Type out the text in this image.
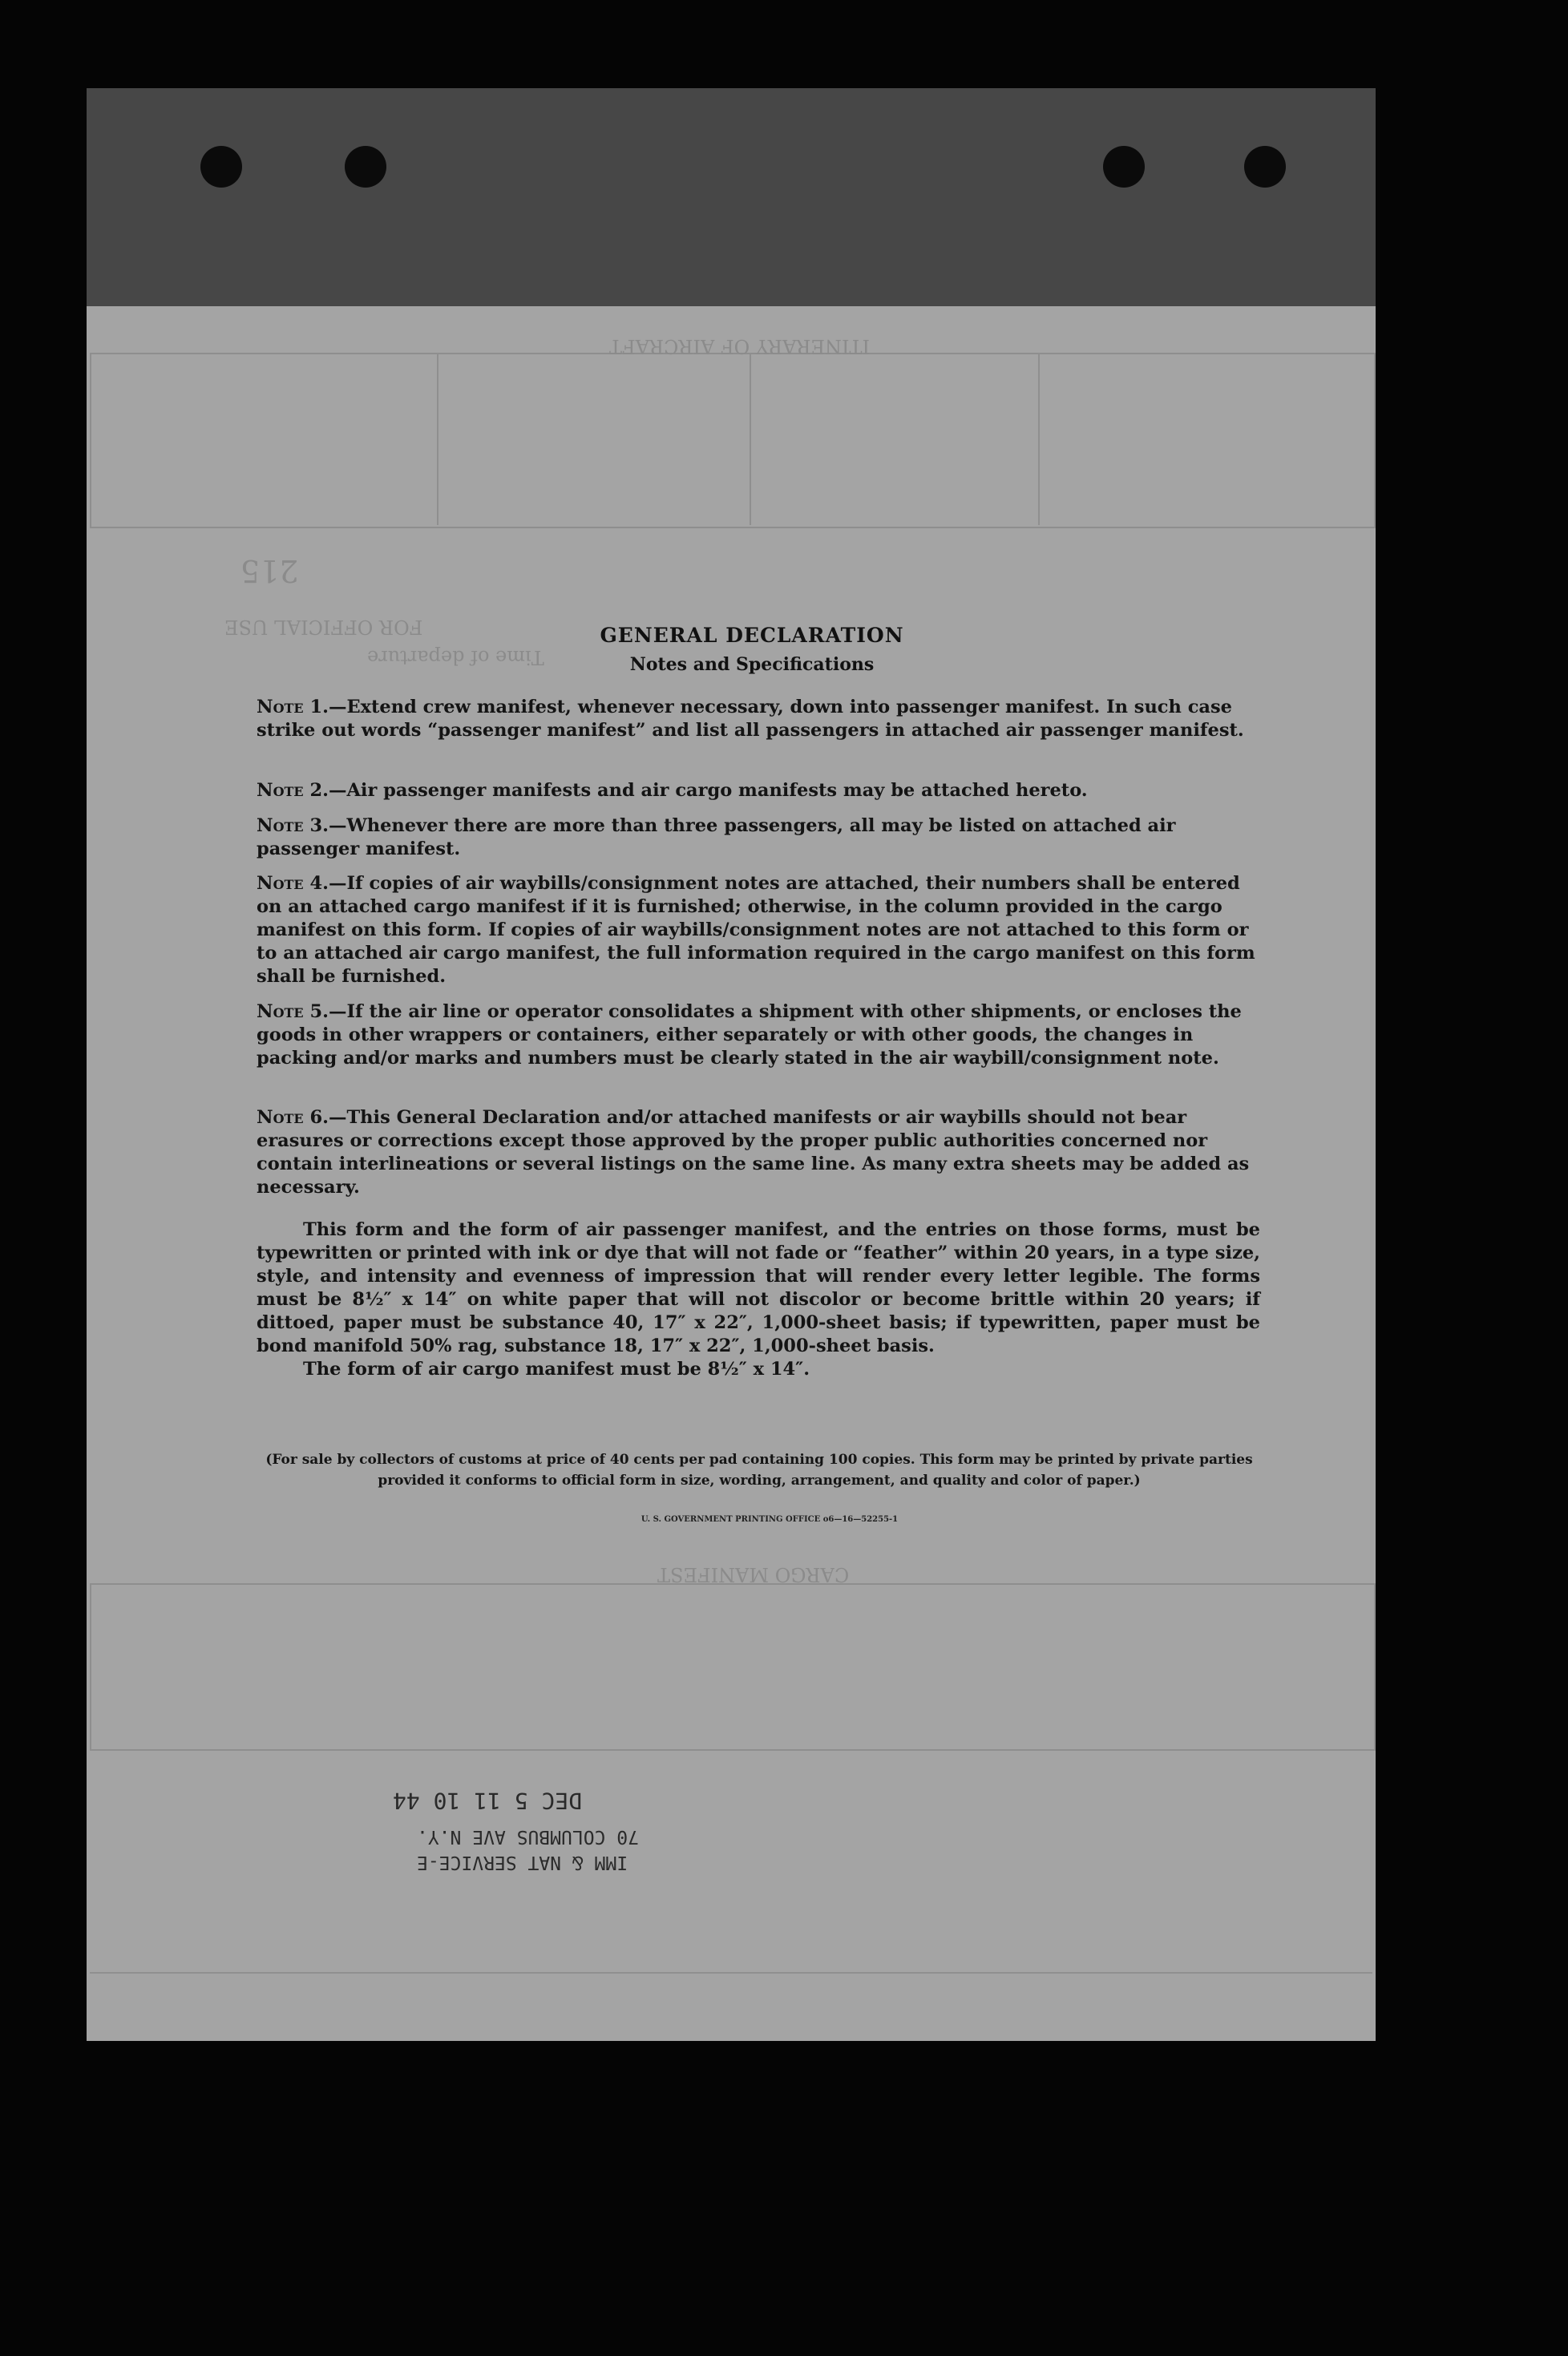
ITINERARY OF AIRCRAFT
FOR OFFICIAL USE
Time of departure
215
CARGO MANIFEST
GENERAL DECLARATION
Notes and Specifications
Note 1.—Extend crew manifest, whenever necessary, down into passenger manifest. In such case strike out words “passenger manifest” and list all passengers in attached air passenger manifest.
Note 2.—Air passenger manifests and air cargo manifests may be attached hereto.
Note 3.—Whenever there are more than three passengers, all may be listed on attached air passenger manifest.
Note 4.—If copies of air waybills/consignment notes are attached, their numbers shall be entered on an attached cargo manifest if it is furnished; otherwise, in the column provided in the cargo manifest on this form. If copies of air waybills/consignment notes are not attached to this form or to an attached air cargo manifest, the full information required in the cargo manifest on this form shall be furnished.
Note 5.—If the air line or operator consolidates a shipment with other shipments, or encloses the goods in other wrappers or containers, either separately or with other goods, the changes in packing and/or marks and numbers must be clearly stated in the air waybill/consignment note.
Note 6.—This General Declaration and/or attached manifests or air waybills should not bear erasures or corrections except those approved by the proper public authorities concerned nor contain interlineations or several listings on the same line. As many extra sheets may be added as necessary.
This form and the form of air passenger manifest, and the entries on those forms, must be typewritten or printed with ink or dye that will not fade or “feather” within 20 years, in a type size, style, and intensity and evenness of impression that will render every letter legible. The forms must be 8½″ x 14″ on white paper that will not discolor or become brittle within 20 years; if dittoed, paper must be substance 40, 17″ x 22″, 1,000-sheet basis; if typewritten, paper must be bond manifold 50% rag, substance 18, 17″ x 22″, 1,000-sheet basis.
The form of air cargo manifest must be 8½″ x 14″.
(For sale by collectors of customs at price of 40 cents per pad containing 100 copies. This form may be printed by private parties provided it conforms to official form in size, wording, arrangement, and quality and color of paper.)
U. S. GOVERNMENT PRINTING OFFICE o6—16—52255-1
70 COLUMBUS AVE N.Y.
IMM & NAT SERVICE-E
DEC 5 11 10 44
